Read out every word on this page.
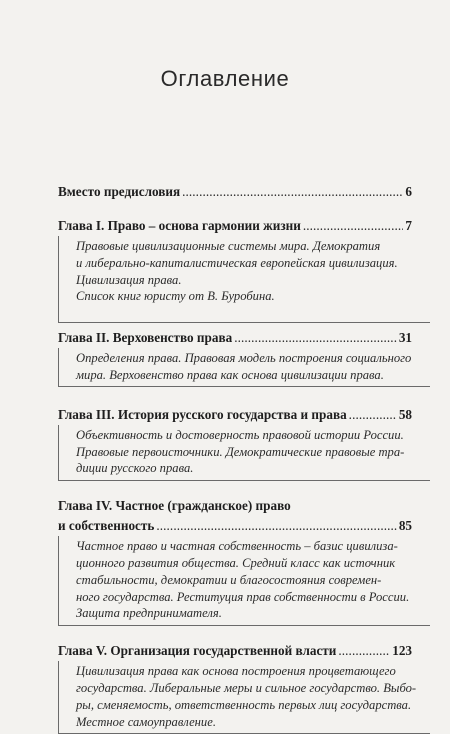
Оглавление
Вместо предисловия . . .	6
Глава I. Право – основа гармонии жизни . . .	7
Правовые цивилизационные системы мира. Демократия
и либерально-капиталистическая европейская цивилизация.
Цивилизация права.
Список книг юристу от В. Буробина.
Глава II. Верховенство права . . .	31
Определения права. Правовая модель построения социального
мира. Верховенство права как основа цивилизации права.
Глава III. История русского государства и права . . .	58
Объективность и достоверность правовой истории России.
Правовые первоисточники. Демократические правовые тра-
диции русского права.
Глава IV. Частное (гражданское) право
и собственность . . .	85
Частное право и частная собственность – базис цивилиза-
ционного развития общества. Средний класс как источник
стабильности, демократии и благосостояния современ-
ного государства. Реституция прав собственности в России.
Защита предпринимателя.
Глава V. Организация государственной власти . . .	123
Цивилизация права как основа построения процветающего
государства. Либеральные меры и сильное государство. Выбо-
ры, сменяемость, ответственность первых лиц государства.
Местное самоуправление.
